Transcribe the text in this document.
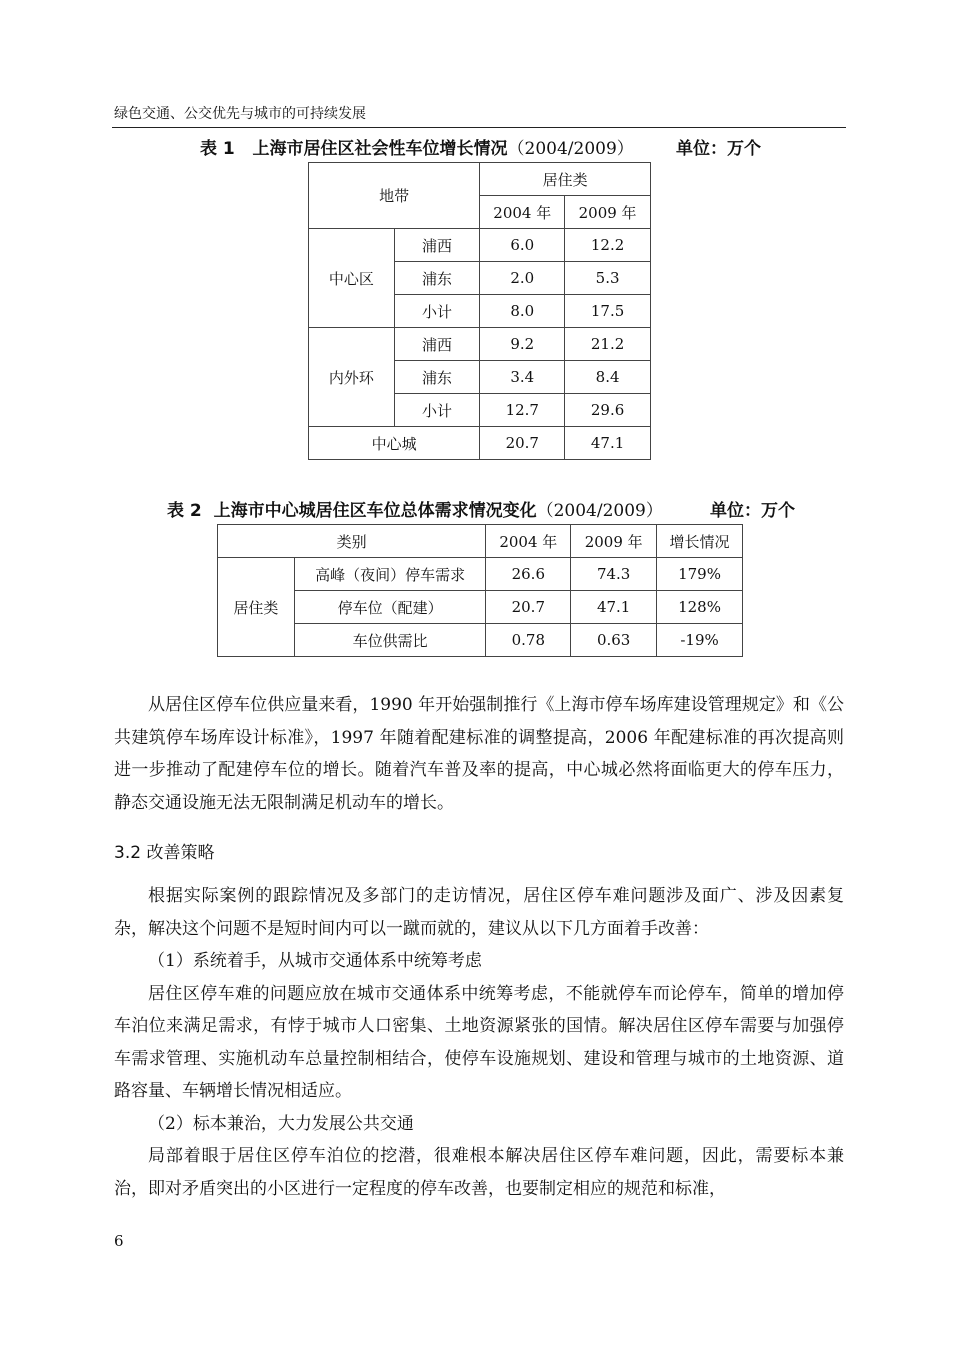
绿色交通、公交优先与城市的可持续发展
表 1 上海市居住区社会性车位增长情况（2004/2009） 单位：万个
地带		居住类	
		2004 年	2009 年
中心区	浦西	6.0	12.2
	浦东	2.0	5.3
	小计	8.0	17.5
内外环	浦西	9.2	21.2
	浦东	3.4	8.4
	小计	12.7	29.6
中心城		20.7	47.1
表 2 上海市中心城居住区车位总体需求情况变化（2004/2009）	单位：万个
类别		2004 年	2009 年	增长情况
居住类	高峰（夜间）停车需求	26.6	74.3	179%
	停车位（配建）	20.7	47.1	128%
	车位供需比	0.78	0.63	-19%

从居住区停车位供应量来看，1990 年开始强制推行《上海市停车场库建设管理规定》和《公共建筑停车场库设计标准》，1997 年随着配建标准的调整提高，2006 年配建标准的再次提高则进一步推动了配建停车位的增长。随着汽车普及率的提高，中心城必然将面临更大的停车压力，静态交通设施无法无限制满足机动车的增长。

3.2 改善策略

根据实际案例的跟踪情况及多部门的走访情况，居住区停车难问题涉及面广、涉及因素复杂，解决这个问题不是短时间内可以一蹴而就的，建议从以下几方面着手改善：

（1）系统着手，从城市交通体系中统筹考虑

居住区停车难的问题应放在城市交通体系中统筹考虑，不能就停车而论停车，简单的增加停车泊位来满足需求，有悖于城市人口密集、土地资源紧张的国情。解决居住区停车需要与加强停车需求管理、实施机动车总量控制相结合，使停车设施规划、建设和管理与城市的土地资源、道路容量、车辆增长情况相适应。

（2）标本兼治，大力发展公共交通

局部着眼于居住区停车泊位的挖潜，很难根本解决居住区停车难问题，因此，需要标本兼治，即对矛盾突出的小区进行一定程度的停车改善，也要制定相应的规范和标准，

6
